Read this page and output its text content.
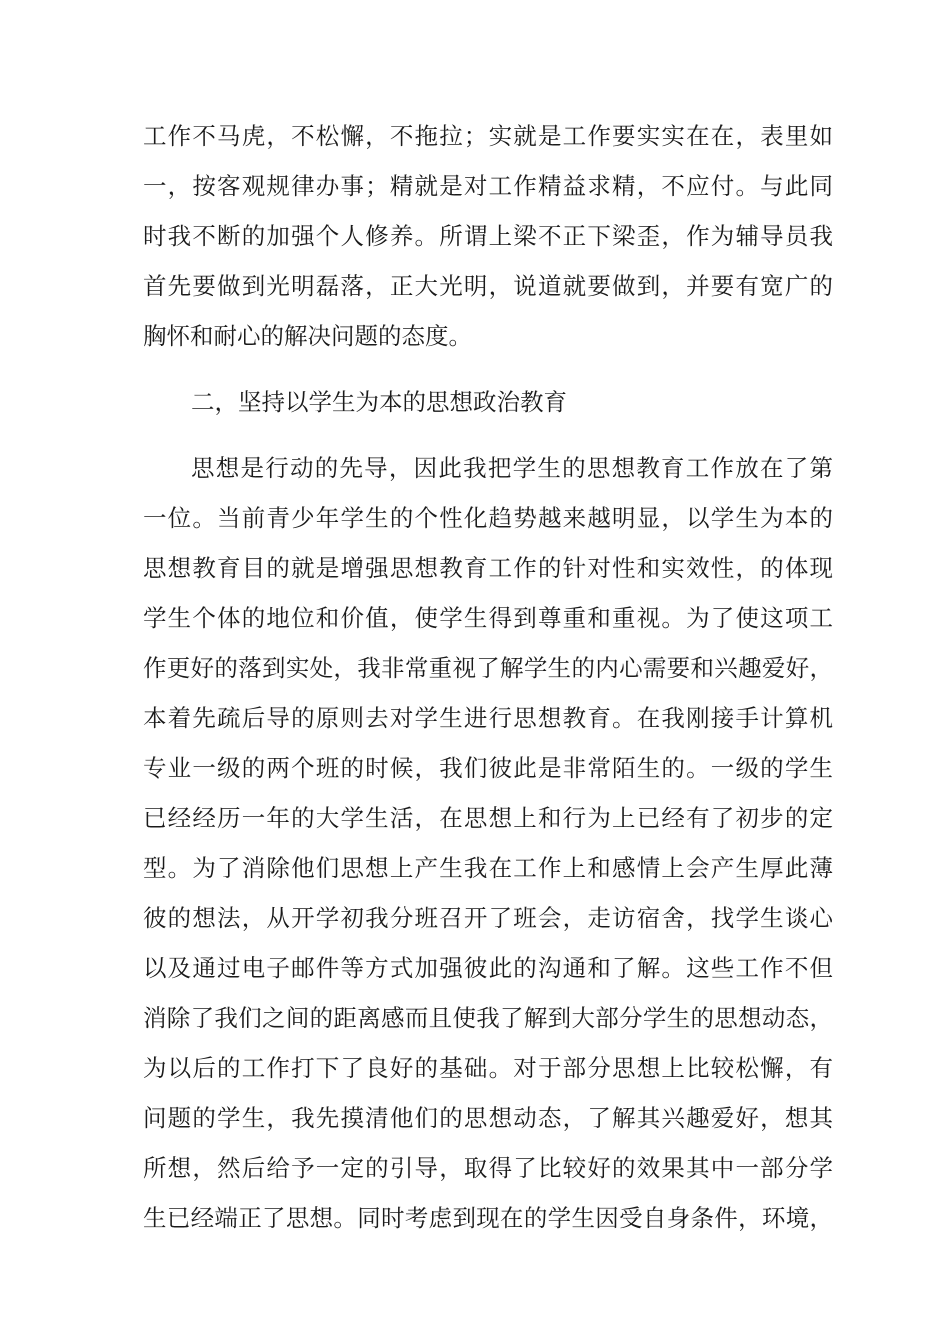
工作不马虎，不松懈，不拖拉；实就是工作要实实在在，表里如
一，按客观规律办事；精就是对工作精益求精，不应付。与此同
时我不断的加强个人修养。所谓上梁不正下梁歪，作为辅导员我
首先要做到光明磊落，正大光明，说道就要做到，并要有宽广的
胸怀和耐心的解决问题的态度。
二，坚持以学生为本的思想政治教育
思想是行动的先导，因此我把学生的思想教育工作放在了第
一位。当前青少年学生的个性化趋势越来越明显，以学生为本的
思想教育目的就是增强思想教育工作的针对性和实效性，的体现
学生个体的地位和价值，使学生得到尊重和重视。为了使这项工
作更好的落到实处，我非常重视了解学生的内心需要和兴趣爱好，
本着先疏后导的原则去对学生进行思想教育。在我刚接手计算机
专业一级的两个班的时候，我们彼此是非常陌生的。一级的学生
已经经历一年的大学生活，在思想上和行为上已经有了初步的定
型。为了消除他们思想上产生我在工作上和感情上会产生厚此薄
彼的想法，从开学初我分班召开了班会，走访宿舍，找学生谈心
以及通过电子邮件等方式加强彼此的沟通和了解。这些工作不但
消除了我们之间的距离感而且使我了解到大部分学生的思想动态，
为以后的工作打下了良好的基础。对于部分思想上比较松懈，有
问题的学生，我先摸清他们的思想动态，了解其兴趣爱好，想其
所想，然后给予一定的引导，取得了比较好的效果其中一部分学
生已经端正了思想。同时考虑到现在的学生因受自身条件，环境，
